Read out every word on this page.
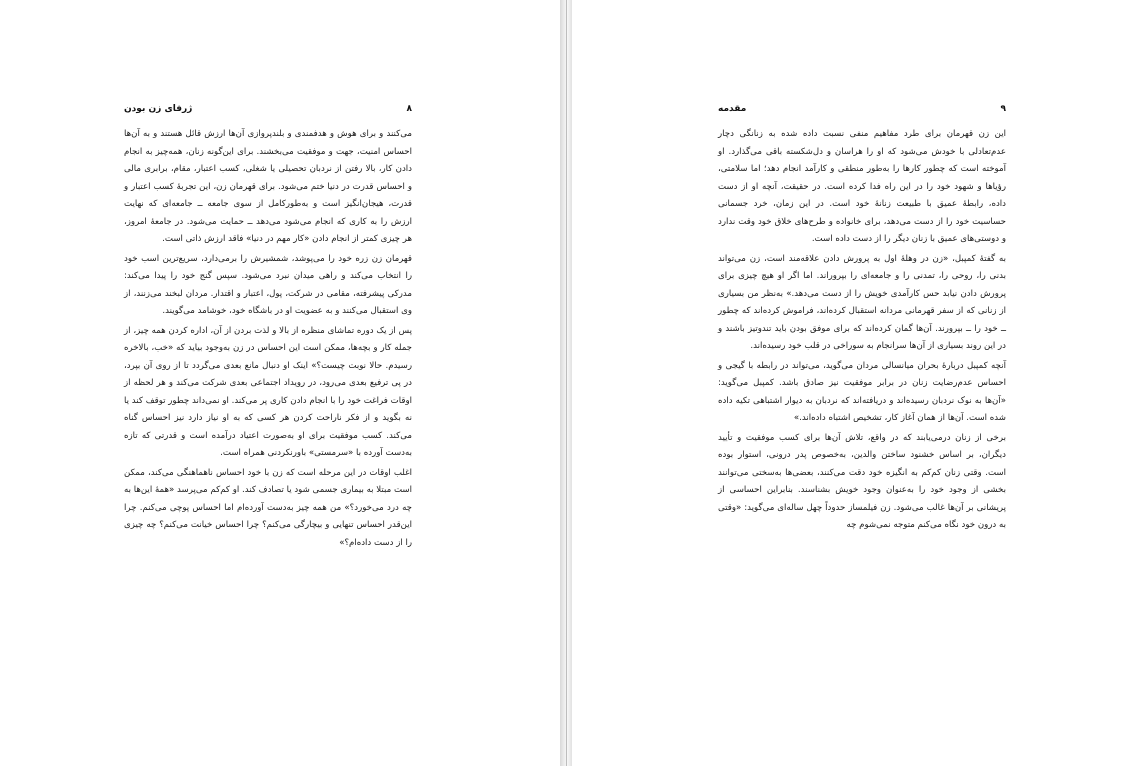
۸
ژرفای زن بودن

می‌کنند و برای هوش و هدفمندی و بلندپروازی آن‌ها ارزش قائل هستند و به آن‌ها احساس امنیت، جهت و موفقیت می‌بخشند. برای این‌گونه زنان، همه‌چیز به انجام دادن کار، بالا رفتن از نردبان تحصیلی یا شغلی، کسب اعتبار، مقام، برابری مالی و احساس قدرت در دنیا ختم می‌شود. برای قهرمان زن، این تجربهٔ کسب اعتبار و قدرت، هیجان‌انگیز است و به‌طورکامل از سوی جامعه ــ جامعه‌ای که نهایت ارزش را به کاری که انجام می‌شود می‌دهد ــ حمایت می‌شود. در جامعهٔ امروز، هر چیزی کمتر از انجام دادن «کار مهم در دنیا» فاقد ارزش ذاتی است.

قهرمان زن زره خود را می‌پوشد، شمشیرش را برمی‌دارد، سریع‌ترین اسب خود را انتخاب می‌کند و راهی میدان نبرد می‌شود. سپس گنج خود را پیدا می‌کند: مدرکی پیشرفته، مقامی در شرکت، پول، اعتبار و اقتدار. مردان لبخند می‌زنند، از وی استقبال می‌کنند و به عضویت او در باشگاه خود، خوشامد می‌گویند.

پس از یک دوره تماشای منظره از بالا و لذت بردن از آن، اداره کردن همه چیز، از جمله کار و بچه‌ها، ممکن است این احساس در زن به‌وجود بیاید که «خب، بالاخره رسیدم. حالا نوبت چیست؟» اینک او دنبال مانع بعدی می‌گردد تا از روی آن بپرد، در پی ترفیع بعدی می‌رود، در رویداد اجتماعی بعدی شرکت می‌کند و هر لحظه از اوقات فراغت خود را با انجام دادن کاری پر می‌کند. او نمی‌داند چطور توقف کند یا نه بگوید و از فکر ناراحت کردن هر کسی که به او نیاز دارد نیز احساس گناه می‌کند. کسب موفقیت برای او به‌صورت اعتیاد درآمده است و قدرتی که تازه به‌دست آورده با «سرمستی» باورنکردنی همراه است.

اغلب اوقات در این مرحله است که زن با خود احساس ناهماهنگی می‌کند، ممکن است مبتلا به بیماری جسمی شود یا تصادف کند. او کم‌کم می‌پرسد «همهٔ این‌ها به چه درد می‌خورد؟» من همه چیز به‌دست آورده‌ام اما احساس پوچی می‌کنم. چرا این‌قدر احساس تنهایی و بیچارگی می‌کنم؟ چرا احساس خیانت می‌کنم؟ چه چیزی را از دست داده‌ام؟»

۹
مقدمه

این زن قهرمان برای طرد مفاهیم منفی نسبت داده شده به زنانگی دچار عدم‌تعادلی با خودش می‌شود که او را هراسان و دل‌شکسته باقی می‌گذارد. او آموخته است که چطور کارها را به‌طور منطقی و کارآمد انجام دهد؛ اما سلامتی، رؤیاها و شهود خود را در این راه فدا کرده است. در حقیقت، آنچه او از دست داده، رابطهٔ عمیق با طبیعت زنانهٔ خود است. در این زمان، خرد جسمانی حساسیت خود را از دست می‌دهد، برای خانواده و طرح‌های خلاق خود وقت ندارد و دوستی‌های عمیق با زنان دیگر را از دست داده است.

به گفتهٔ کمپبل، «زن در وهلهٔ اول به پرورش دادن علاقه‌مند است، زن می‌تواند بدنی را، روحی را، تمدنی را و جامعه‌ای را بپروراند. اما اگر او هیچ چیزی برای پرورش دادن نیابد حس کارآمدی خویش را از دست می‌دهد.» به‌نظر من بسیاری از زنانی که از سفر قهرمانی مردانه استقبال کرده‌اند، فراموش کرده‌اند که چطور ــ خود را ــ بپرورند. آن‌ها گمان کرده‌اند که برای موفق بودن باید تندوتیز باشند و در این روند بسیاری از آن‌ها سرانجام به سوراخی در قلب خود رسیده‌اند.

آنچه کمپبل دربارهٔ بحران میانسالی مردان می‌گوید، می‌تواند در رابطه با گیجی و احساس عدم‌رضایت زنان در برابر موفقیت نیز صادق باشد. کمپبل می‌گوید: «آن‌ها به نوک نردبان رسیده‌اند و دریافته‌اند که نردبان به دیوار اشتباهی تکیه داده شده است. آن‌ها از همان آغاز کار، تشخیص اشتباه داده‌اند.»

برخی از زنان درمی‌یابند که در واقع، تلاش آن‌ها برای کسب موفقیت و تأیید دیگران، بر اساس خشنود ساختن والدین، به‌خصوص پدر درونی، استوار بوده است. وقتی زنان کم‌کم به انگیزه خود دقت می‌کنند، بعضی‌ها به‌سختی می‌توانند بخشی از وجود خود را به‌عنوان وجود خویش بشناسند. بنابراین احساسی از پریشانی بر آن‌ها غالب می‌شود. زن فیلمساز حدوداً چهل ساله‌ای می‌گوید: «وقتی به درون خود نگاه می‌کنم متوجه نمی‌شوم چه
